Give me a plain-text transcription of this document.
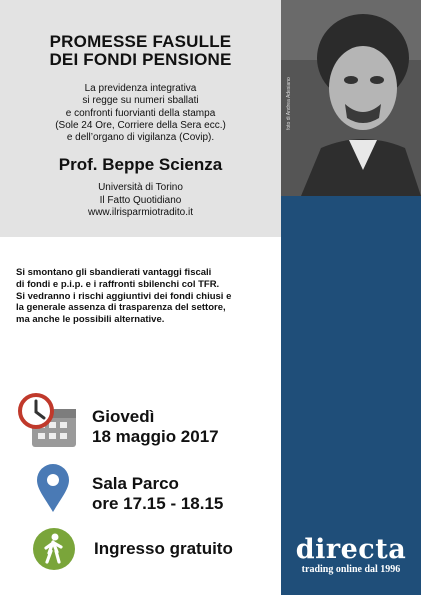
foto di Andrea Adesiano
PROMESSE FASULLE
DEI FONDI PENSIONE
La previdenza integrativa
si regge su numeri sballati
e confronti fuorvianti della stampa
(Sole 24 Ore, Corriere della Sera ecc.)
e dell’organo di vigilanza (Covip).
Prof. Beppe Scienza
Università di Torino
Il Fatto Quotidiano
www.ilrisparmiotradito.it
Si smontano gli sbandierati vantaggi fiscali
di fondi e p.i.p. e i raffronti sbilenchi col TFR.
Si vedranno i rischi aggiuntivi dei fondi chiusi e
la generale assenza di trasparenza del settore,
ma anche le possibili alternative.
Giovedì
18 maggio 2017
Sala Parco
ore 17.15 - 18.15
Ingresso gratuito	directa
trading online dal 1996
